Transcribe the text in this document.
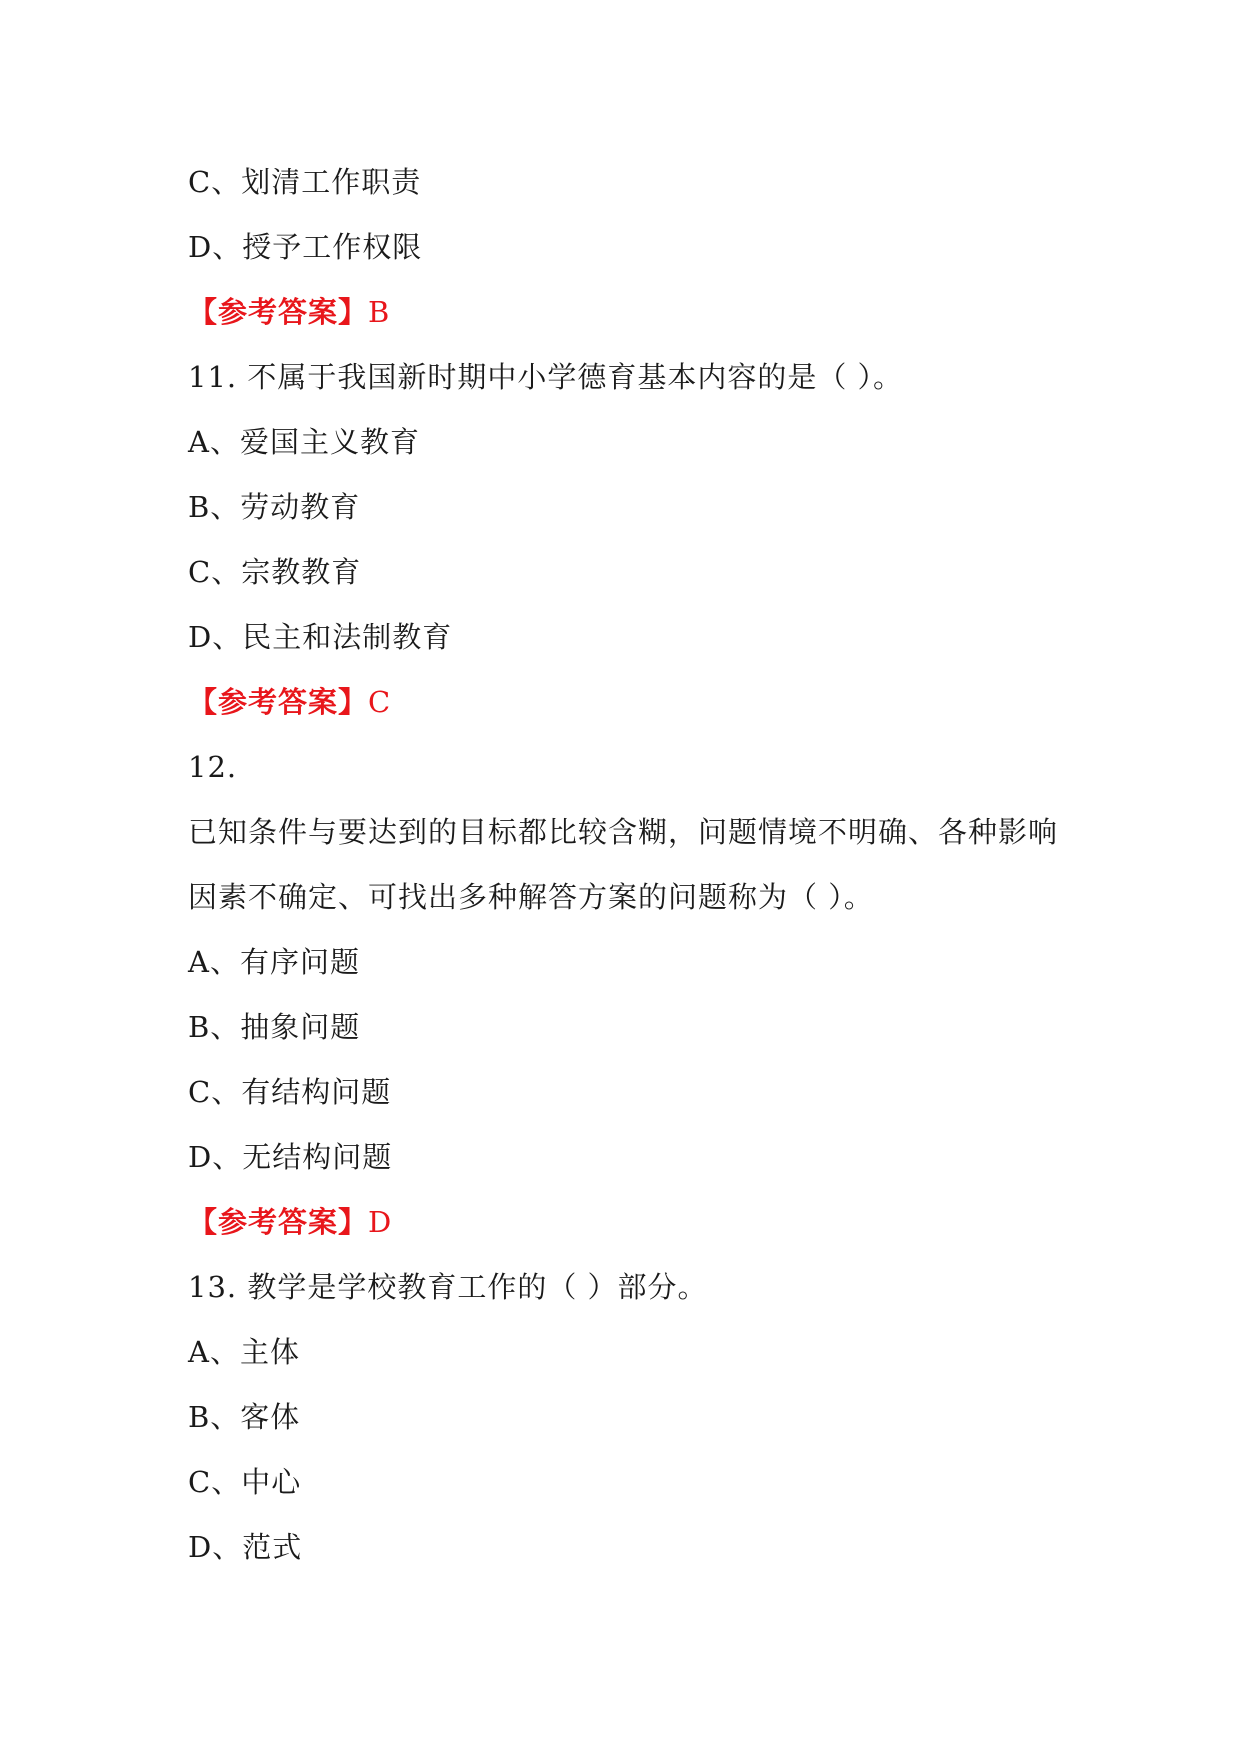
C、划清工作职责
D、授予工作权限
【参考答案】B
11. 不属于我国新时期中小学德育基本内容的是（ ）。
A、爱国主义教育
B、劳动教育
C、宗教教育
D、民主和法制教育
【参考答案】C
12.
已知条件与要达到的目标都比较含糊，问题情境不明确、各种影响
因素不确定、可找出多种解答方案的问题称为（ ）。
A、有序问题
B、抽象问题
C、有结构问题
D、无结构问题
【参考答案】D
13. 教学是学校教育工作的（ ）部分。
A、主体
B、客体
C、中心
D、范式
